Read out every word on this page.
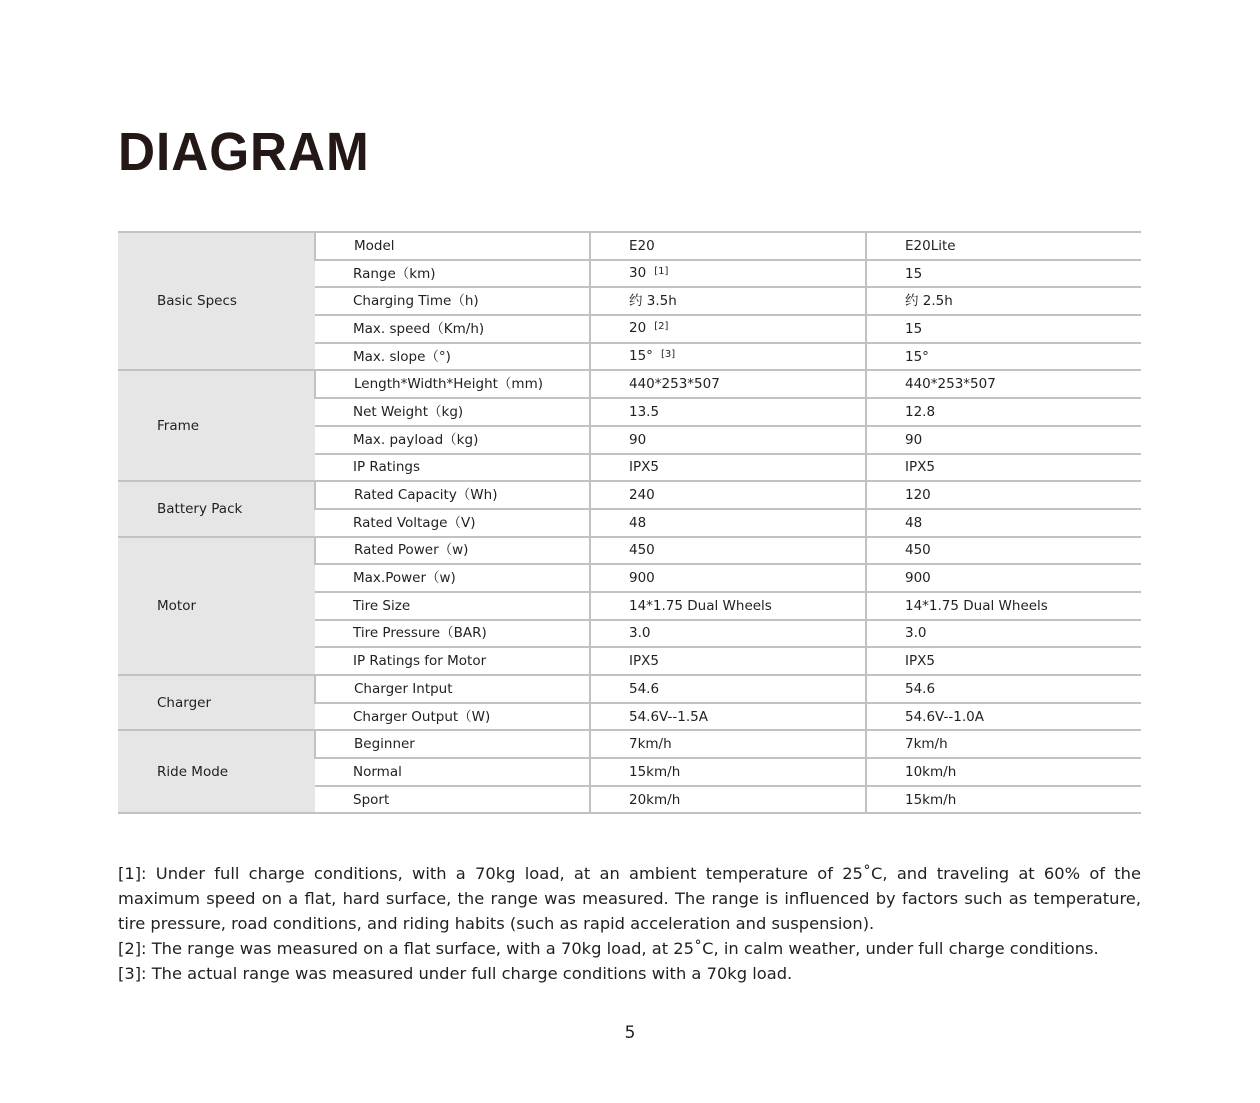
DIAGRAM
Basic Specs	Model	E20	E20Lite
	Range（km)	30 [1]	15
	Charging Time（h)	约 3.5h	约 2.5h
	Max. speed（Km/h)	20 [2]	15
	Max. slope（°)	15° [3]	15°
Frame	Length*Width*Height（mm)	440*253*507	440*253*507
	Net Weight（kg)	13.5	12.8
	Max. payload（kg)	90	90
	IP Ratings	IPX5	IPX5
Battery Pack	Rated Capacity（Wh)	240	120
	Rated Voltage（V)	48	48
Motor	Rated Power（w)	450	450
	Max.Power（w)	900	900
	Tire Size	14*1.75 Dual Wheels	14*1.75 Dual Wheels
	Tire Pressure（BAR)	3.0	3.0
	IP Ratings for Motor	IPX5	IPX5
Charger	Charger Intput	54.6	54.6
	Charger Output（W)	54.6V--1.5A	54.6V--1.0A
Ride Mode	Beginner	7km/h	7km/h
	Normal	15km/h	10km/h
	Sport	20km/h	15km/h

[1]: Under full charge conditions, with a 70kg load, at an ambient temperature of 25˚C, and traveling at 60% of the maximum speed on a flat, hard surface, the range was measured. The range is influenced by factors such as temperature, tire pressure, road conditions, and riding habits (such as rapid acceleration and suspension).

[2]: The range was measured on a flat surface, with a 70kg load, at 25˚C, in calm weather, under full charge conditions.

[3]: The actual range was measured under full charge conditions with a 70kg load.

5
